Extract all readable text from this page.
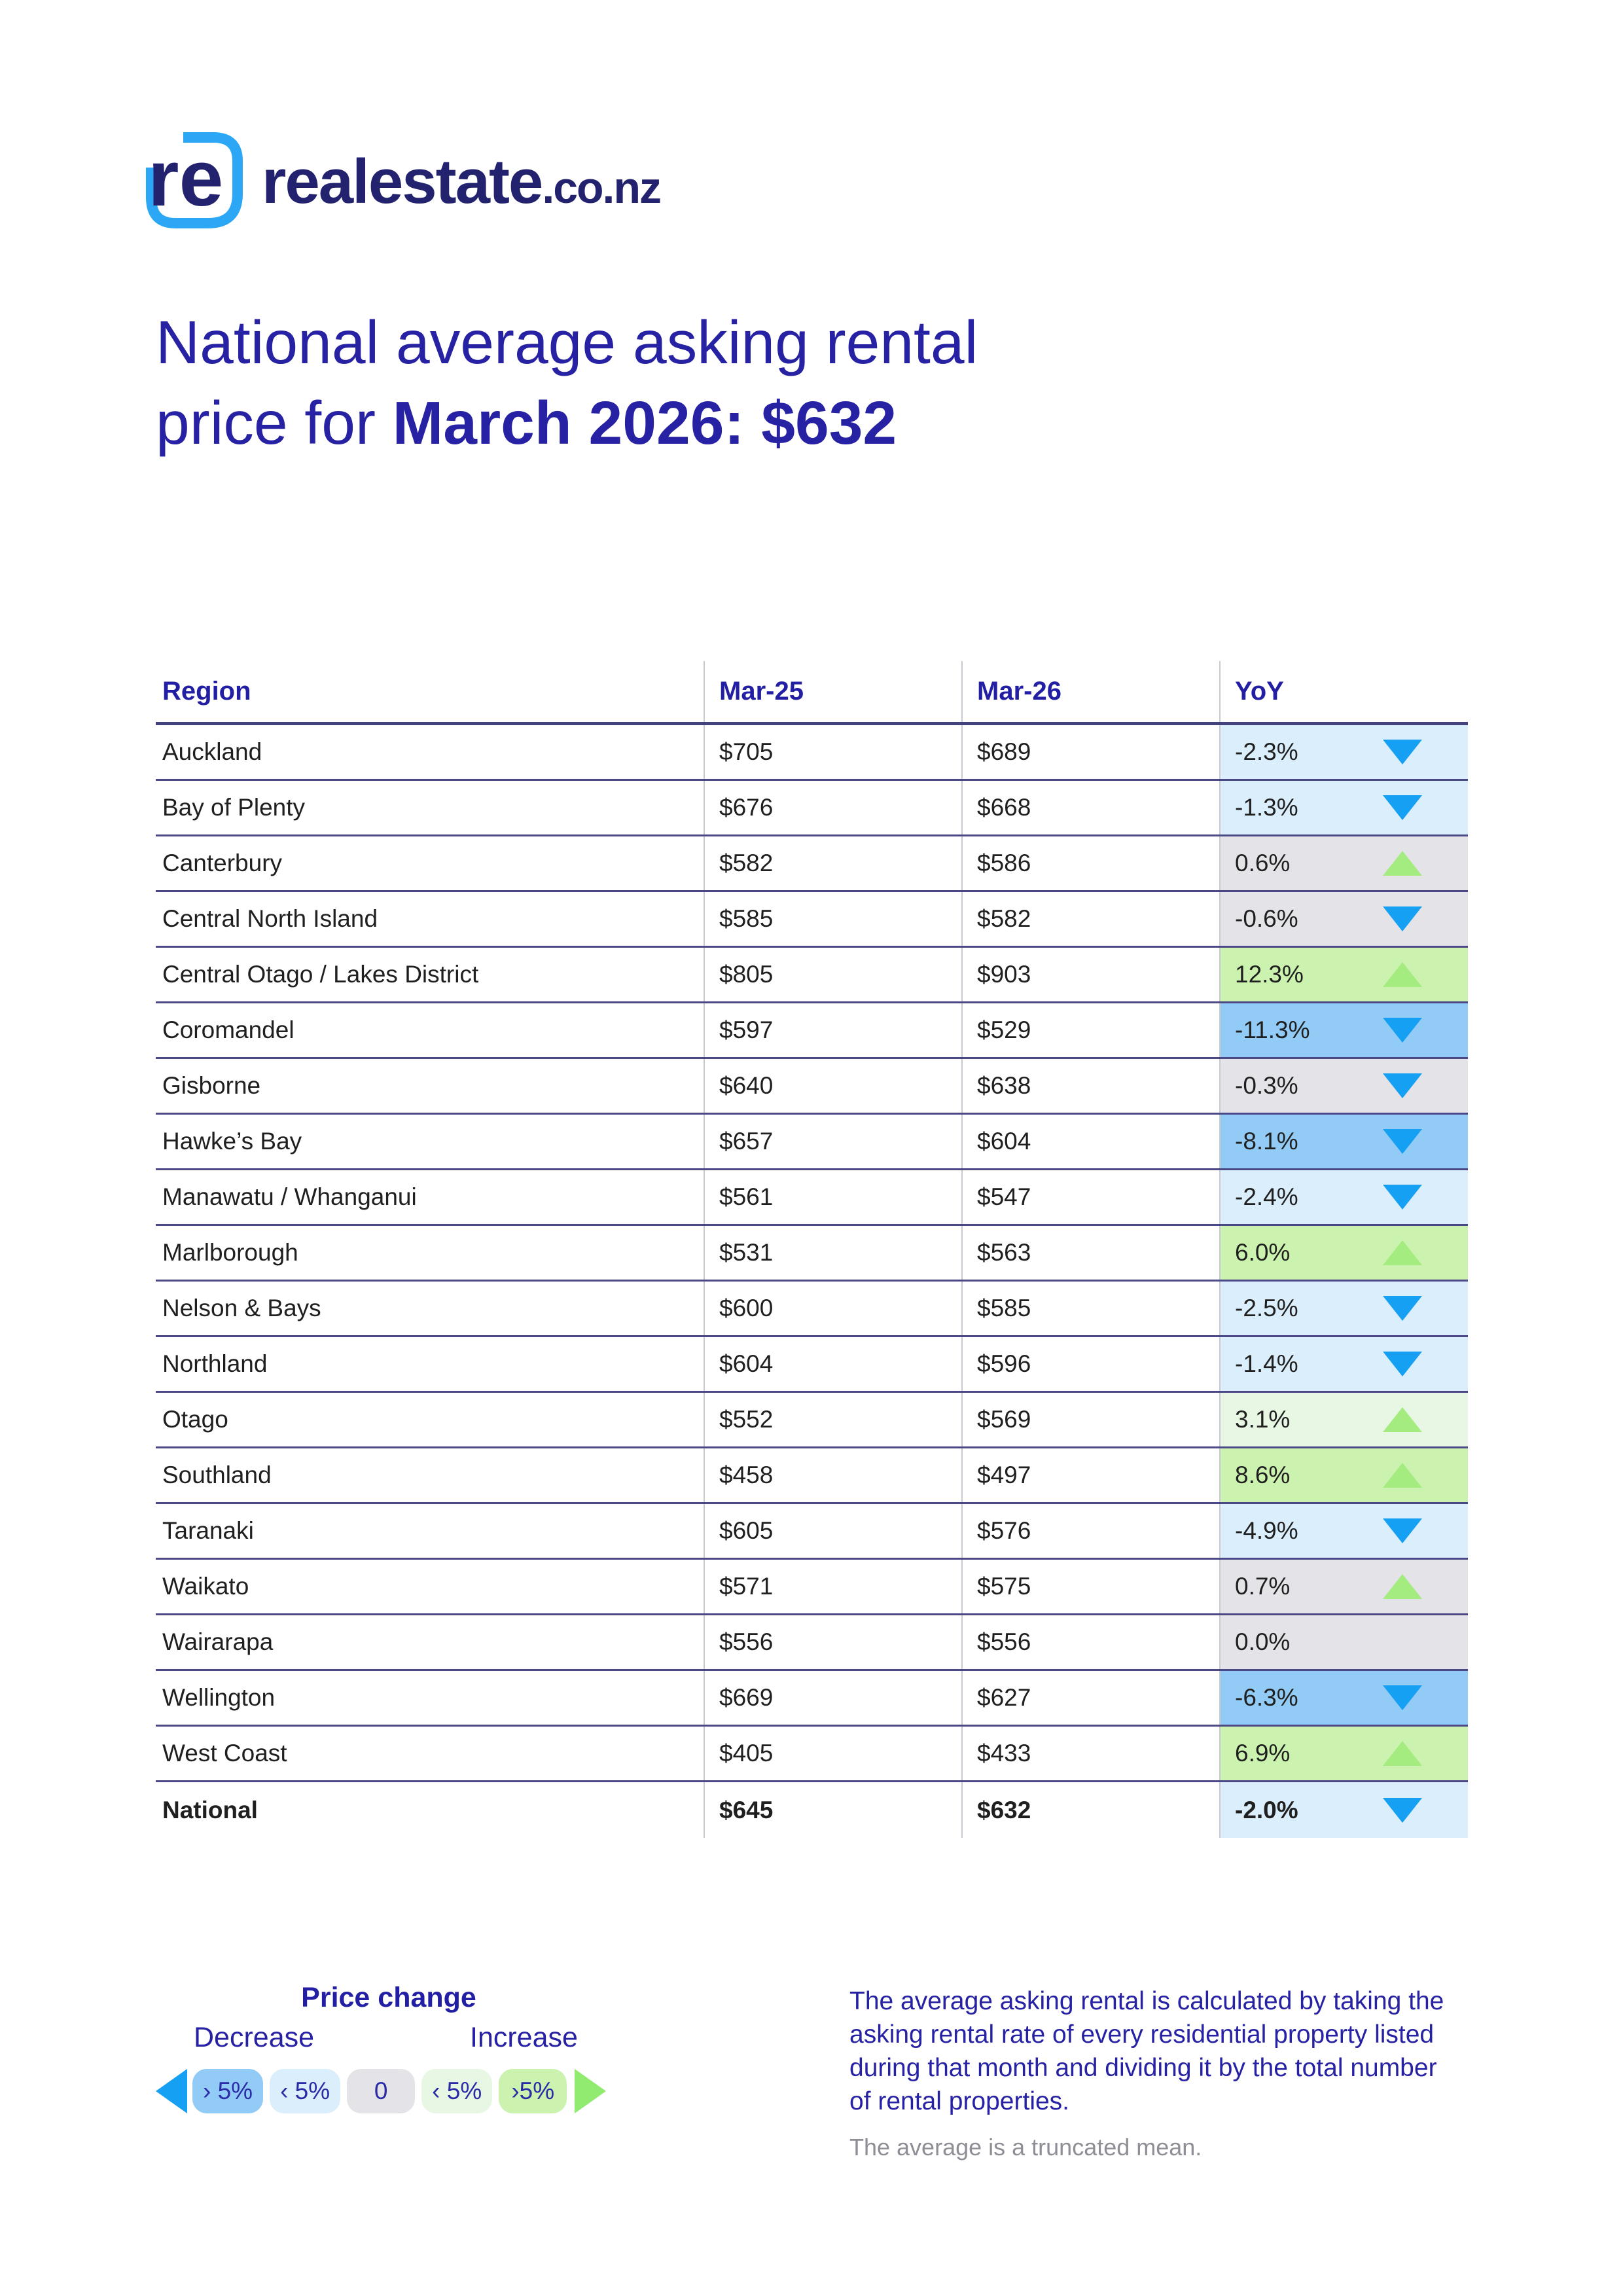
re realestate .co.nz
National average asking rental
price for March 2026: $632
Region	Mar-25	Mar-26	YoY
Auckland	$705	$689	-2.3%
Bay of Plenty	$676	$668	-1.3%
Canterbury	$582	$586	0.6%
Central North Island	$585	$582	-0.6%
Central Otago / Lakes District	$805	$903	12.3%
Coromandel	$597	$529	-11.3%
Gisborne	$640	$638	-0.3%
Hawke’s Bay	$657	$604	-8.1%
Manawatu / Whanganui	$561	$547	-2.4%
Marlborough	$531	$563	6.0%
Nelson & Bays	$600	$585	-2.5%
Northland	$604	$596	-1.4%
Otago	$552	$569	3.1%
Southland	$458	$497	8.6%
Taranaki	$605	$576	-4.9%
Waikato	$571	$575	0.7%
Wairarapa	$556	$556	0.0%
Wellington	$669	$627	-6.3%
West Coast	$405	$433	6.9%
National	$645	$632	-2.0%
Price change
Decrease	Increase
› 5%	‹ 5%	0	‹ 5%	›5%
The average asking rental is calculated by taking the asking rental rate of every residential property listed during that month and dividing it by the total number of rental properties.
The average is a truncated mean.
